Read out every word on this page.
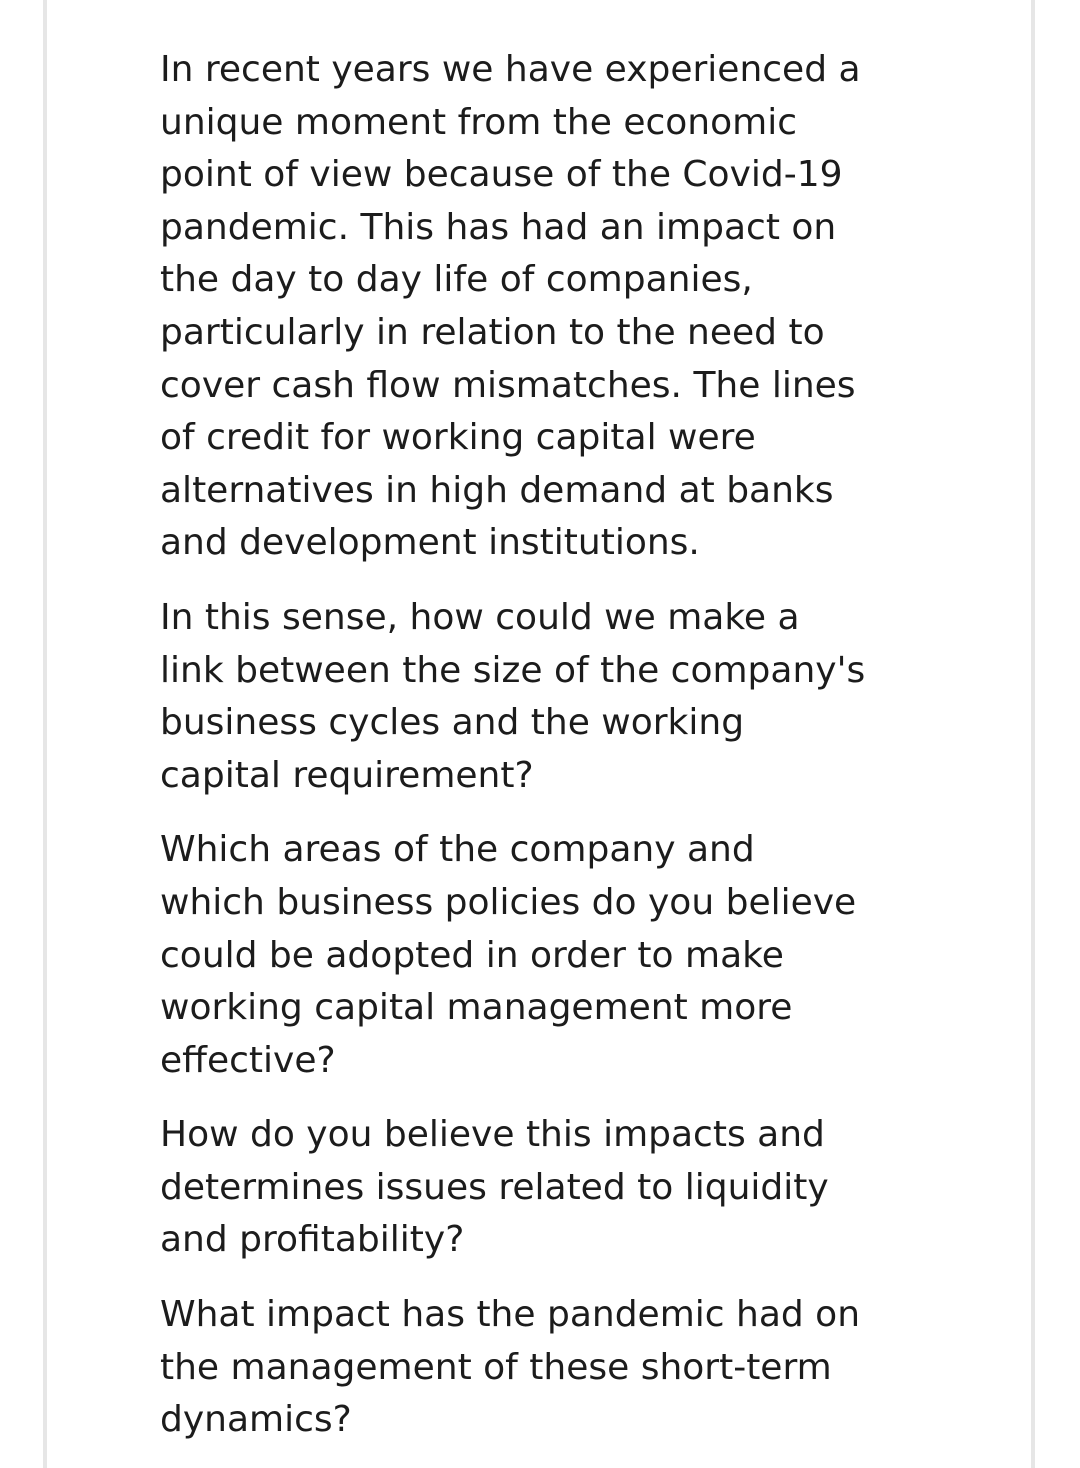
In recent years we have experienced a
unique moment from the economic
point of view because of the Covid-19
pandemic. This has had an impact on
the day to day life of companies,
particularly in relation to the need to
cover cash flow mismatches. The lines
of credit for working capital were
alternatives in high demand at banks
and development institutions.

In this sense, how could we make a
link between the size of the company's
business cycles and the working
capital requirement?

Which areas of the company and
which business policies do you believe
could be adopted in order to make
working capital management more
effective?

How do you believe this impacts and
determines issues related to liquidity
and profitability?

What impact has the pandemic had on
the management of these short-term
dynamics?
